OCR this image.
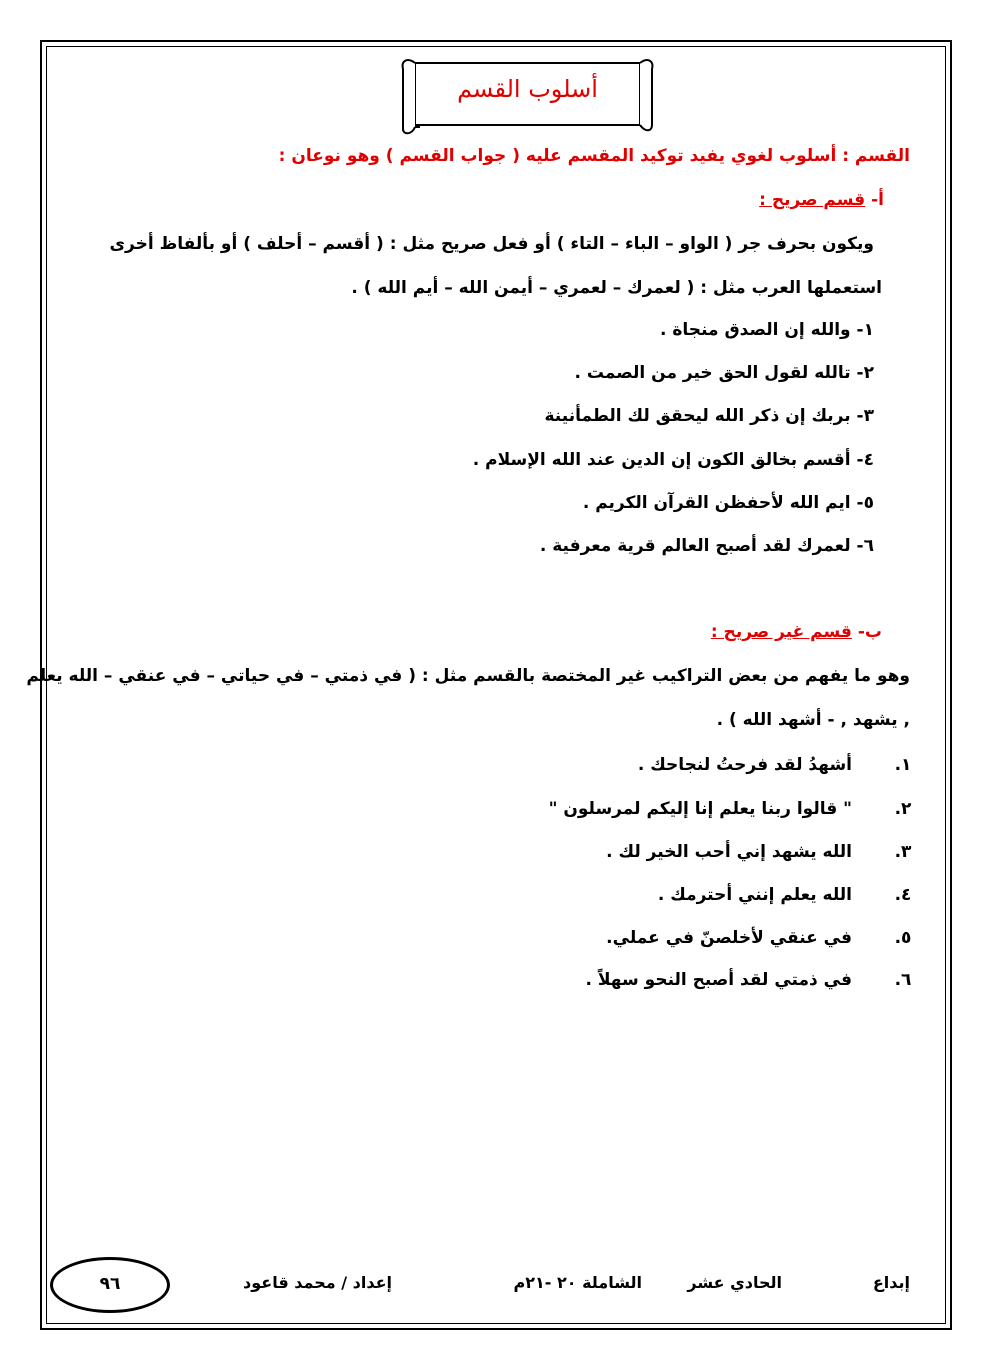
أسلوب القسم
القسم : أسلوب لغوي يفيد توكيد المقسم عليه ( جواب القسم ) وهو نوعان :
أ- قسم صريح :
ويكون بحرف جر ( الواو – الباء – التاء ) أو فعل صريح مثل : ( أقسم – أحلف ) أو بألفاظ أخرى
استعملها العرب مثل : ( لعمرك – لعمري – أيمن الله – أيم الله ) .
١- والله إن الصدق منجاة .
٢- تالله لقول الحق خير من الصمت .
٣- بربك إن ذكر الله ليحقق لك الطمأنينة
٤- أقسم بخالق الكون إن الدين عند الله الإسلام .
٥- ايم الله لأحفظن القرآن الكريم .
٦- لعمرك لقد أصبح العالم قرية معرفية .
ب- قسم غير صريح :
وهو ما يفهم من بعض التراكيب غير المختصة بالقسم مثل : ( في ذمتي – في حياتي – في عنقي – الله يعلم
, يشهد , - أشهد الله ) .
.١
أشهدُ لقد فرحتُ لنجاحك .
.٢
" قالوا ربنا يعلم إنا إليكم لمرسلون "
.٣
الله يشهد إني أحب الخير لك .
.٤
الله يعلم إنني أحترمك .
.٥
في عنقي لأخلصنّ في عملي.
.٦
في ذمتي لقد أصبح النحو سهلاً .
إبداع
الحادي عشر
الشاملة ٢٠ -٢١م
إعداد / محمد قاعود
٩٦
